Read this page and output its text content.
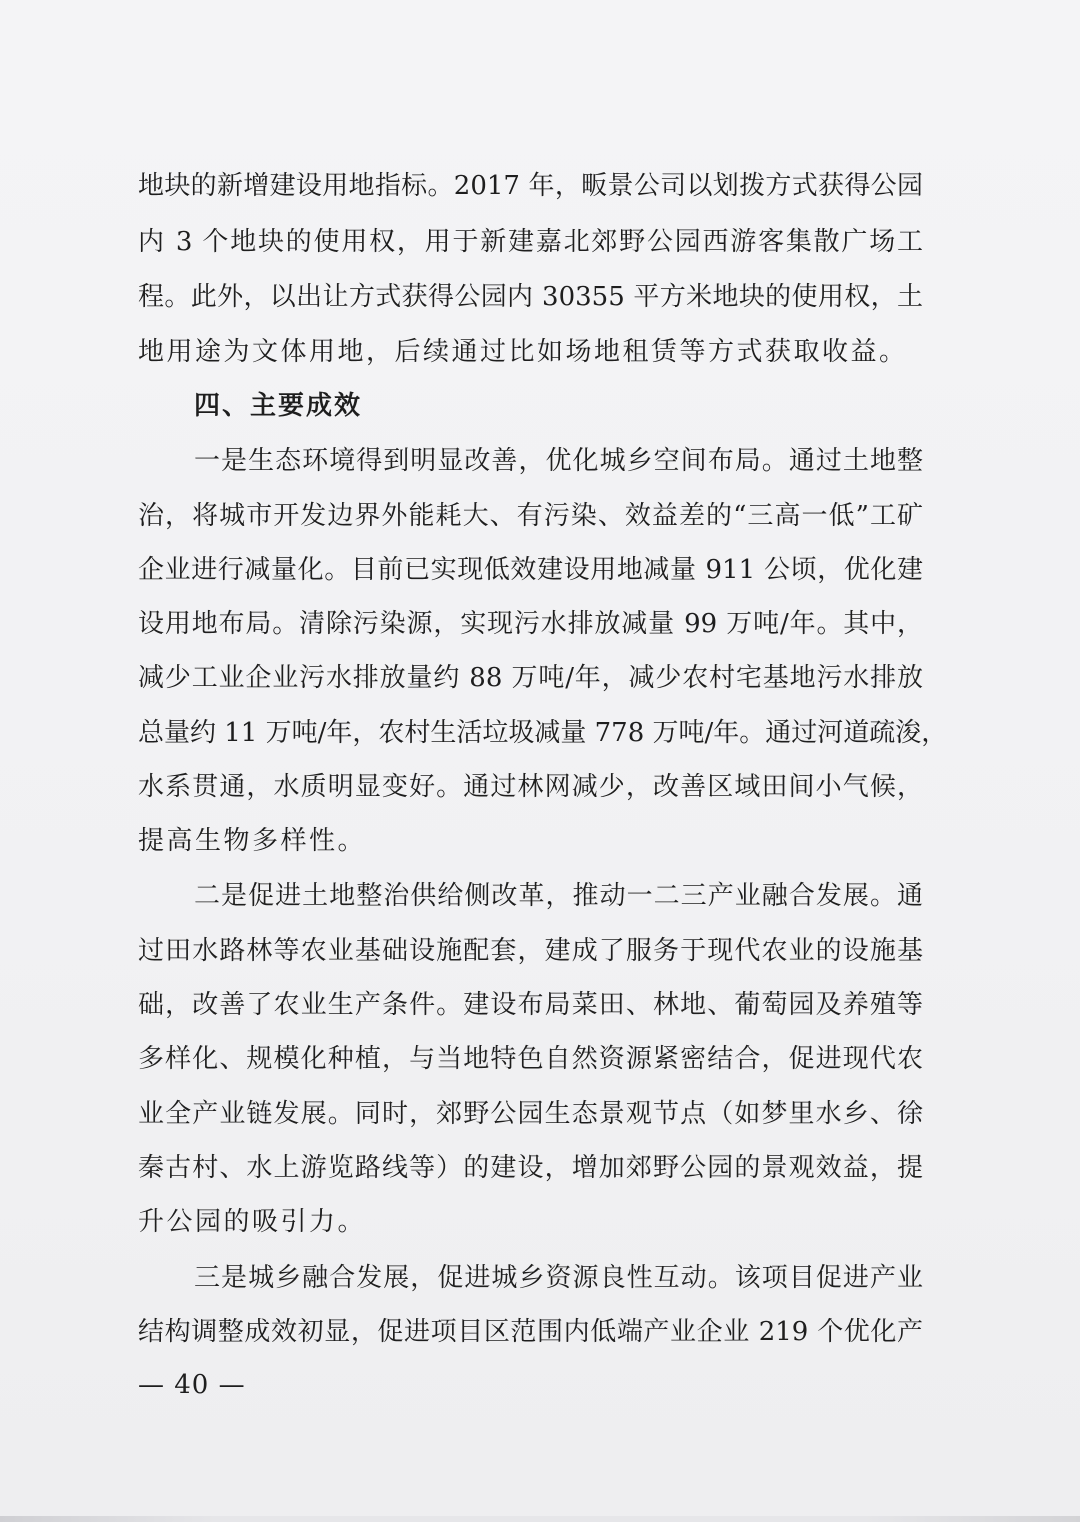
地块的新增建设用地指标。2017 年，畈景公司以划拨方式获得公园
内 3 个地块的使用权，用于新建嘉北郊野公园西游客集散广场工
程。此外，以出让方式获得公园内 30355 平方米地块的使用权，土
地用途为文体用地，后续通过比如场地租赁等方式获取收益。
四、主要成效
一是生态环境得到明显改善，优化城乡空间布局。通过土地整
治，将城市开发边界外能耗大、有污染、效益差的“三高一低”工矿
企业进行减量化。目前已实现低效建设用地减量 911 公顷，优化建
设用地布局。清除污染源，实现污水排放减量 99 万吨/年。其中，
减少工业企业污水排放量约 88 万吨/年，减少农村宅基地污水排放
总量约 11 万吨/年，农村生活垃圾减量 778 万吨/年。通过河道疏浚，
水系贯通，水质明显变好。通过林网减少，改善区域田间小气候，
提高生物多样性。
二是促进土地整治供给侧改革，推动一二三产业融合发展。通
过田水路林等农业基础设施配套，建成了服务于现代农业的设施基
础，改善了农业生产条件。建设布局菜田、林地、葡萄园及养殖等
多样化、规模化种植，与当地特色自然资源紧密结合，促进现代农
业全产业链发展。同时，郊野公园生态景观节点（如梦里水乡、徐
秦古村、水上游览路线等）的建设，增加郊野公园的景观效益，提
升公园的吸引力。
三是城乡融合发展，促进城乡资源良性互动。该项目促进产业
结构调整成效初显，促进项目区范围内低端产业企业 219 个优化产
— 40 —
